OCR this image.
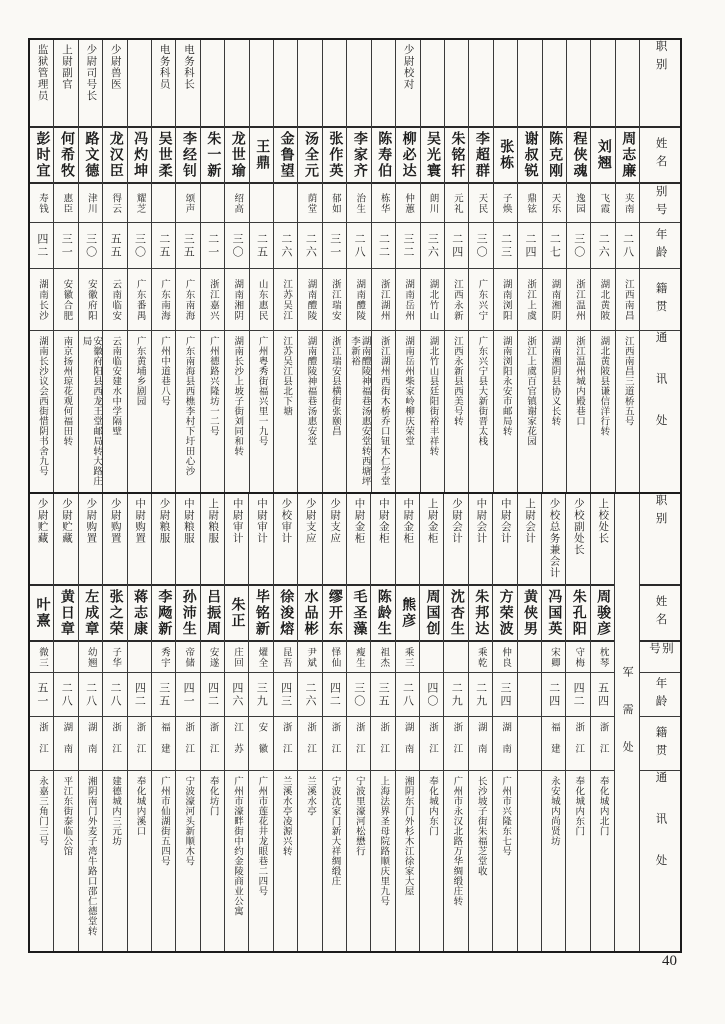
监狱管理员
彭时宜
寿钱
四二
湖南长沙
湖南长沙议会西街惜阴书舍九号
上尉副官
何希牧
惠臣
三一
安徽合肥
南京扬州琼花观何福田转
少尉司号长
路文德
津川
三〇
安徽府阳
安徽府阳县西龙王堂邮局转大路庄局
少尉兽医
龙汉臣
得云
五五
云南临安
云南临安建水中学隔壁
冯灼坤
耀芝
三〇
广东番禺
广东黄埔乡剧园
电务科员
吴世柔
二五
广东南海
广州中道巷八号
电务科长
李经钊
颂声
三五
广东南海
广东南海县西樵李村下圩田心沙
朱一新
二一
浙江嘉兴
广州德路兴隆坊一二号
龙世瑜
绍高
三〇
湖南湘阴
湖南长沙上坡子街刘同和转
王鼎
二五
山东惠民
广州粤秀街福兴里一九号
金鲁望
二六
江苏吴江
江苏吴江县北下塘
汤全元
荫堂
二六
湖南醴陵
湖南醴陵神福巷汤惠安堂
张作英
郁如
三一
浙江瑞安
浙江瑞安县横街张颐昌
李家齐
治生
二八
湖南醴陵
湖南醴陵神福巷汤惠安堂转西塘坪李新裕
陈寿伯
栋华
二二
浙江湖州
浙江湖州西街木桥乔口钮木仁学堂
少尉校对
柳必达
仲蕙
三二
湖南岳州
湖南岳州柴家岭柳庆荣堂
吴光寰
朗川
三六
湖北竹山
湖北竹山县廷阳街裕丰祥转
朱铭轩
元礼
二四
江西永新
江西永新县西美号转
李超群
天民
三〇
广东兴宁
广东兴宁县大新街晋太栈
张栋
子焕
二三
湖南浏阳
湖南浏阳永安市邮局转
谢叔锐
鼎铉
二四
浙江上虞
浙江上虞百官镇谢家花园
陈克刚
天乐
二七
湖南湘阴
湖南湘阴县协义长转
程侠魂
逸园
三〇
浙江温州
浙江温州城内殿巷口
刘翘
飞霞
二六
湖北黄陂
湖北黄陂县谦信洋行转
周志廉
夹南
二八
江西南昌
江西南昌三道桥五号
职别
姓名
别号
年龄
籍贯
通讯处
少尉贮藏
叶熹
微三
五一
浙江
永嘉三角门三号
少尉贮藏
黄日章
二八
湖南
平江东街泰临公馆
少尉购置
左成章
幼翘
二八
湖南
湘阴南门外麦子湾牛路口邵仁德堂转
少尉购置
张之荣
子华
二八
浙江
建德城内三元坊
中尉购置
蒋志康
四二
浙江
奉化城内溪口
少尉粮服
李飏新
秀宇
三五
福建
广州市仙湖街五四号
中尉粮服
孙沛生
帝储
四一
浙江
宁波濠河头新顺木号
上尉粮服
吕振周
安遂
四二
浙江
奉化坊门
中尉审计
朱正
庄回
四六
江苏
广州市濠畔街中约金陵商业公寓
中尉审计
毕铭新
燿全
三九
安徽
广州市莲花井龙眼巷二四号
少校审计
徐浚熔
昆吾
四三
浙江
兰溪水亭凌源兴转
少尉支应
水品彬
尹斌
二六
浙江
兰溪水亭
少尉支应
缪开东
怿仙
四二
浙江
宁波沈家门新大祥绸缎庄
中尉金柜
毛圣藻
瘦生
三〇
浙江
宁波里濠河松懋行
中尉金柜
陈龄生
祖杰
三五
浙江
上海法界圣母院路顺庆里九号
中尉金柜
熊彦
乘三
二八
湖南
湘阴东门外杉木江徐家大屋
上尉金柜
周国创
四〇
浙江
奉化城内东门
少尉会计
沈杏生
二九
浙江
广州市永汉北路万华绸缎庄转
中尉会计
朱邦达
乘乾
二九
湖南
长沙坡子街朱福芝堂收
中尉会计
方荣波
仲良
三四
湖南
广州市兴隆东七号
上尉会计
黄侠男
少校总务兼会计
冯国英
宋卿
二四
福建
永安城内尚贤坊
少校副处长
朱孔阳
守梅
四二
浙江
奉化城内东门
上校处长
周骏彦
枕琴
五四
浙江
奉化城内北门
军需处
职别
姓名
别号
年龄
籍贯
通讯处
40
